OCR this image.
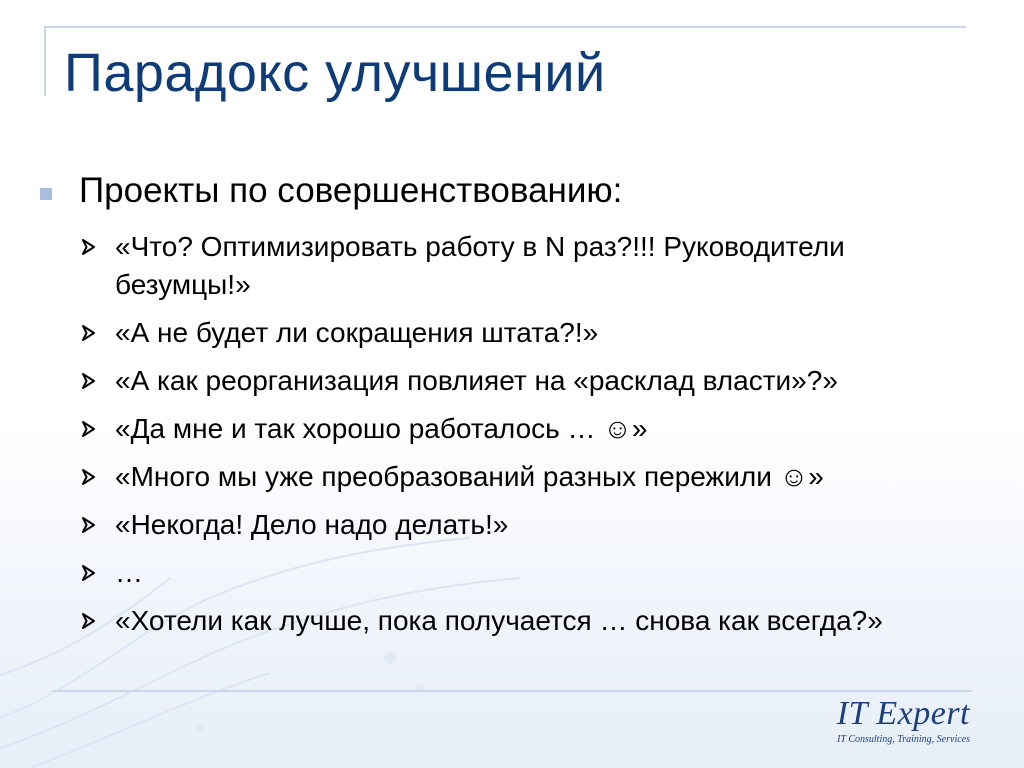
Парадокс улучшений
Проекты по совершенствованию:
«Что? Оптимизировать работу в N раз?!!! Руководители безумцы!»
«А не будет ли сокращения штата?!»
«А как реорганизация повлияет на «расклад власти»?»
«Да мне и так хорошо работалось … ☺»
«Много мы уже преобразований разных пережили ☺»
«Некогда! Дело надо делать!»
…
«Хотели как лучше, пока получается … снова как всегда?»
IT Expert
IT Consulting, Training, Services
